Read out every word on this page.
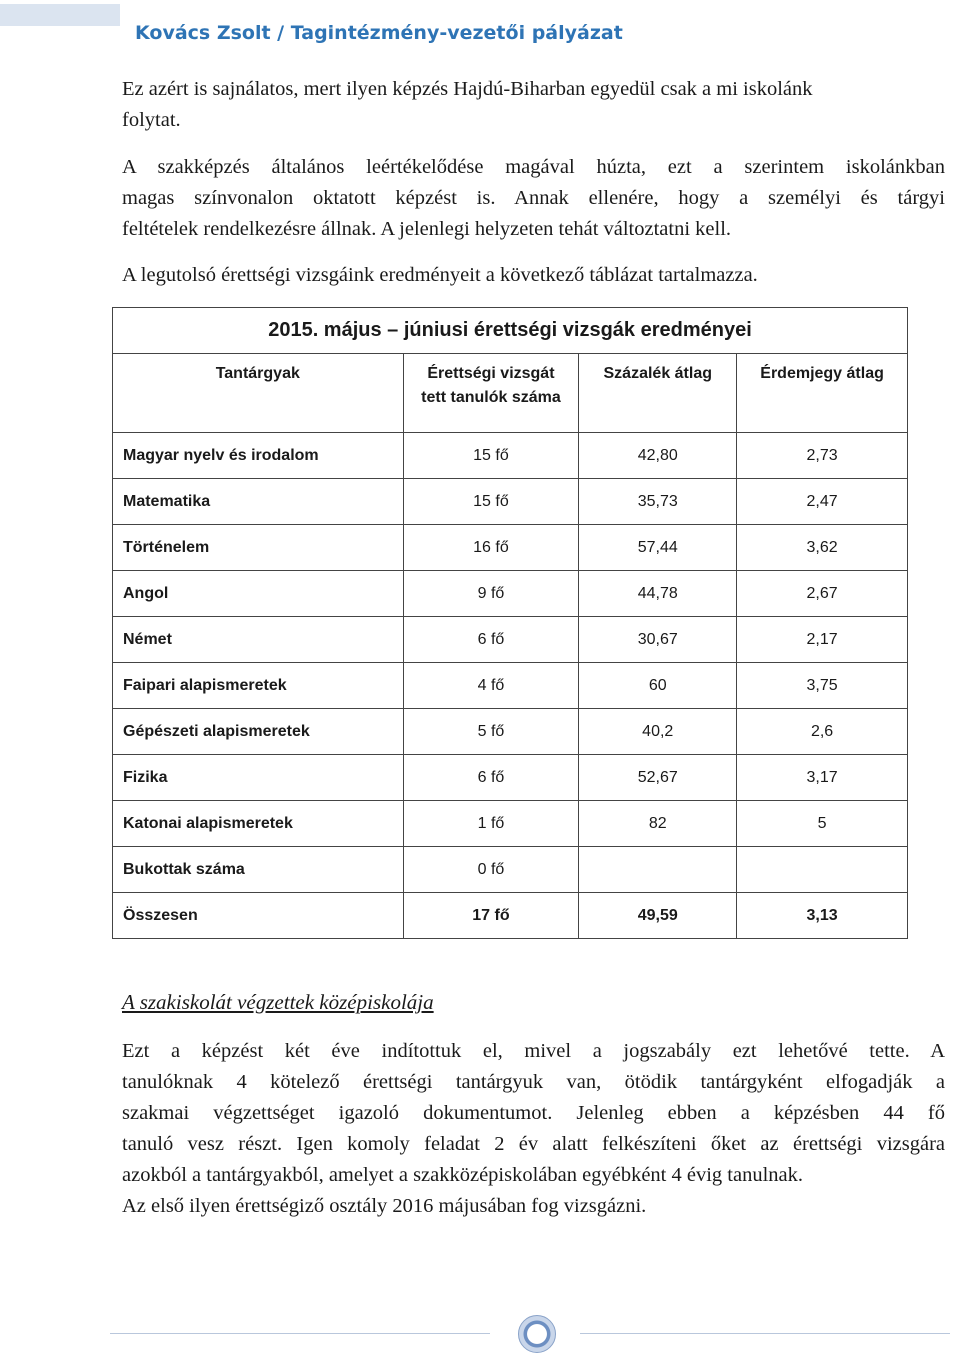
Kovács Zsolt / Tagintézmény-vezetői pályázat

Ez azért is sajnálatos, mert ilyen képzés Hajdú-Biharban egyedül csak a mi iskolánk
folytat.

A szakképzés általános leértékelődése magával húzta, ezt a szerintem iskolánkban
magas színvonalon oktatott képzést is. Annak ellenére, hogy a személyi és tárgyi
feltételek rendelkezésre állnak. A jelenlegi helyzeten tehát változtatni kell.

A legutolsó érettségi vizsgáink eredményeit a következő táblázat tartalmazza.

2015. május – júniusi érettségi vizsgák eredményei			
Tantárgyak	Érettségi vizsgát
tett tanulók száma	Százalék átlag	Érdemjegy átlag
Magyar nyelv és irodalom	15 fő	42,80	2,73
Matematika	15 fő	35,73	2,47
Történelem	16 fő	57,44	3,62
Angol	9 fő	44,78	2,67
Német	6 fő	30,67	2,17
Faipari alapismeretek	4 fő	60	3,75
Gépészeti alapismeretek	5 fő	40,2	2,6
Fizika	6 fő	52,67	3,17
Katonai alapismeretek	1 fő	82	5
Bukottak száma	0 fő		
Összesen	17 fő	49,59	3,13
A szakiskolát végzettek középiskolája

Ezt a képzést két éve indítottuk el, mivel a jogszabály ezt lehetővé tette. A
tanulóknak 4 kötelező érettségi tantárgyuk van, ötödik tantárgyként elfogadják a
szakmai végzettséget igazoló dokumentumot. Jelenleg ebben a képzésben 44 fő
tanuló vesz részt. Igen komoly feladat 2 év alatt felkészíteni őket az érettségi vizsgára
azokból a tantárgyakból, amelyet a szakközépiskolában egyébként 4 évig tanulnak.
Az első ilyen érettségiző osztály 2016 májusában fog vizsgázni.
